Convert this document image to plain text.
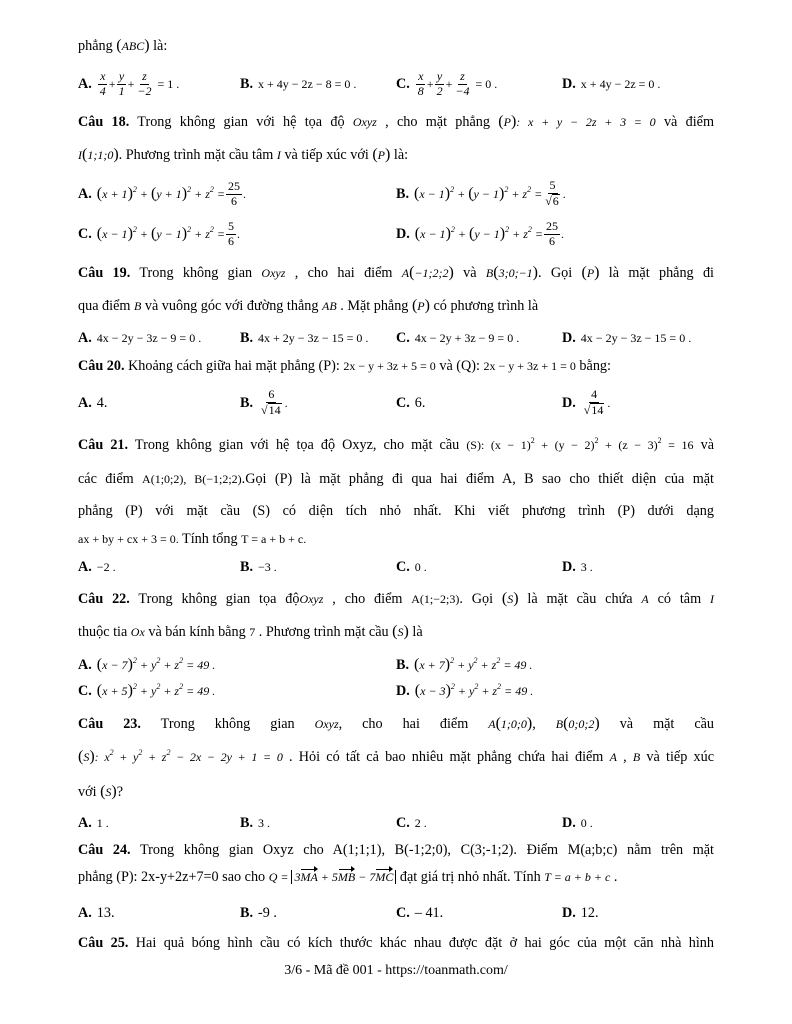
phẳng (ABC) là:
A. $\frac{x}{4} + \frac{y}{1} + \frac{z}{-2} = 1$ .	B. x + 4y − 2z − 8 = 0 .	C. $\frac{x}{8} + \frac{y}{2} + \frac{z}{-4} = 0$ .	D. x + 4y − 2z = 0 .
Câu 18. Trong không gian với hệ tọa độ Oxyz , cho mặt phẳng (P): x + y − 2z + 3 = 0 và điểm
I(1;1;0). Phương trình mặt cầu tâm I và tiếp xúc với (P) là:
A. $(x + 1)^2 + (y + 1)^2 + z^2 = \frac{25}{6}$ .	B. $(x - 1)^2 + (y - 1)^2 + z^2 = \frac{5}{√ 6}$ .
C. $(x - 1)^2 + (y - 1)^2 + z^2 = \frac{5}{6}$ .	D. $(x - 1)^2 + (y - 1)^2 + z^2 = \frac{25}{6}$ .
Câu 19. Trong không gian Oxyz , cho hai điểm A(−1;2;2) và B(3;0;−1). Gọi (P) là mặt phẳng đi
qua điểm B và vuông góc với đường thẳng AB . Mặt phẳng (P) có phương trình là
A. 4x − 2y − 3z − 9 = 0 .	B. 4x + 2y − 3z − 15 = 0 . C. 4x − 2y + 3z − 9 = 0 .	D. 4x − 2y − 3z − 15 = 0 .
Câu 20. Khoảng cách giữa hai mặt phẳng (P): 2x − y + 3z + 5 = 0 và (Q): 2x − y + 3z + 1 = 0 bằng:
A. 4.	B. $\frac{6}{√ 14}$ .	C. 6.	D. $\frac{4}{√ 14}$ .
Câu 21. Trong không gian với hệ tọa độ Oxyz, cho mặt cầu (S): $(x - 1)^2 + (y - 2)^2 + (z - 3)^2 = 16$ và
các điểm A(1;0;2), B(−1;2;2).Gọi (P) là mặt phẳng đi qua hai điểm A, B sao cho thiết diện của mặt
phẳng (P) với mặt cầu (S) có diện tích nhỏ nhất. Khi viết phương trình (P) dưới dạng
ax + by + cx + 3 = 0. Tính tổng T = a + b + c.
A. −2 .	B. −3 .	C. 0 .	D. 3 .
Câu 22. Trong không gian tọa độOxyz , cho điểm A(1;−2;3). Gọi (S) là mặt cầu chứa A có tâm I
thuộc tia Ox và bán kính bằng 7 . Phương trình mặt cầu (S) là
A. $(x - 7)^2 + y^2 + z^2 = 49$ .	B. $(x + 7)^2 + y^2 + z^2 = 49$ .
C. $(x + 5)^2 + y^2 + z^2 = 49$ .	D. $(x - 3)^2 + y^2 + z^2 = 49$ .
Câu 23. Trong không gian Oxyz, cho hai điểm A(1;0;0), B(0;0;2) và mặt cầu
(S): $x^2 + y^2 + z^2 - 2x - 2y + 1 = 0$ . Hỏi có tất cả bao nhiêu mặt phẳng chứa hai điểm A , B và tiếp xúc
với (S)?
A. 1 .	B. 3 .	C. 2 .	D. 0 .
Câu 24. Trong không gian Oxyz cho A(1;1;1), B(-1;2;0), C(3;-1;2). Điểm M(a;b;c) nằm trên mặt
phẳng (P): 2x-y+2z+7=0 sao cho Q = 3MA + 5MB − 7MC đạt giá trị nhỏ nhất. Tính T = a + b + c .
A. 13.	B. -9 .	C. – 41.	D. 12.
Câu 25. Hai quả bóng hình cầu có kích thước khác nhau được đặt ở hai góc của một căn nhà hình
3/6 - Mã đề 001 - https://toanmath.com/
